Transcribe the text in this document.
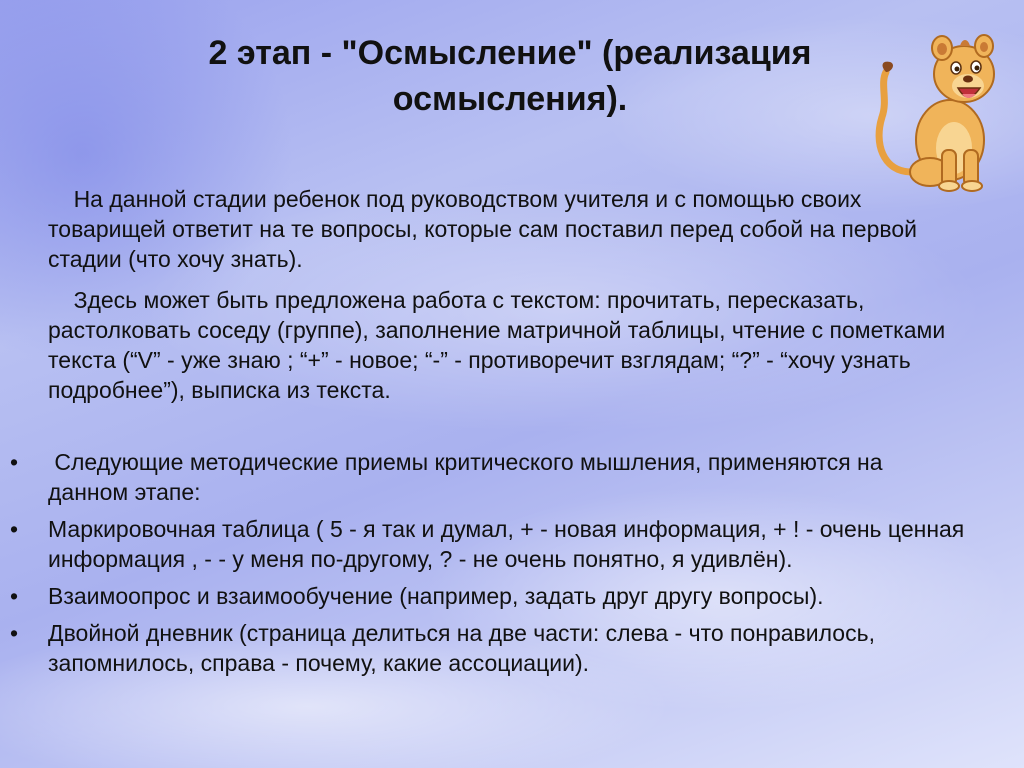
2 этап - "Осмысление" (реализация осмысления).

На данной стадии ребенок под руководством учителя и с помощью своих товарищей ответит на те вопросы, которые сам поставил перед собой на первой стадии (что хочу знать).

Здесь может быть предложена работа с текстом: прочитать, пересказать, растолковать соседу (группе), заполнение матричной таблицы, чтение с пометками текста (“V” - уже знаю ; “+” - новое; “-” - противоречит взглядам; “?” - “хочу узнать подробнее”), выписка из текста.

• Следующие методические приемы критического мышления, применяются на  данном этапе:
• Маркировочная таблица ( 5 - я так и думал, + - новая информация, + ! - очень ценная информация , - - у меня по-другому, ? - не очень понятно, я удивлён).
• Взаимоопрос и взаимообучение (например, задать друг другу вопросы).
• Двойной дневник (страница делиться на две части: слева - что понравилось, запомнилось, справа - почему, какие ассоциации).
